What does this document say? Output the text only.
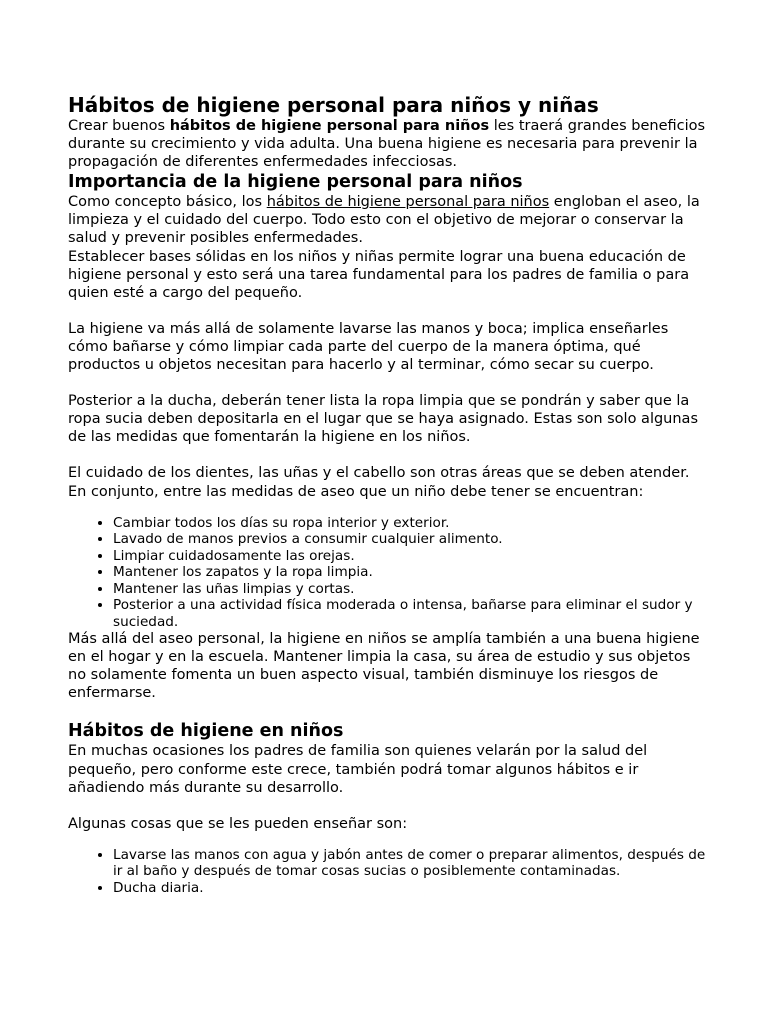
Hábitos de higiene personal para niños y niñas

Crear buenos hábitos de higiene personal para niños les traerá grandes beneficios durante su crecimiento y vida adulta. Una buena higiene es necesaria para prevenir la propagación de diferentes enfermedades infecciosas.

Importancia de la higiene personal para niños

Como concepto básico, los hábitos de higiene personal para niños engloban el aseo, la limpieza y el cuidado del cuerpo. Todo esto con el objetivo de mejorar o conservar la salud y prevenir posibles enfermedades.

Establecer bases sólidas en los niños y niñas permite lograr una buena educación de higiene personal y esto será una tarea fundamental para los padres de familia o para quien esté a cargo del pequeño.

La higiene va más allá de solamente lavarse las manos y boca; implica enseñarles cómo bañarse y cómo limpiar cada parte del cuerpo de la manera óptima, qué productos u objetos necesitan para hacerlo y al terminar, cómo secar su cuerpo.

Posterior a la ducha, deberán tener lista la ropa limpia que se pondrán y saber que la ropa sucia deben depositarla en el lugar que se haya asignado. Estas son solo algunas de las medidas que fomentarán la higiene en los niños.

El cuidado de los dientes, las uñas y el cabello son otras áreas que se deben atender. En conjunto, entre las medidas de aseo que un niño debe tener se encuentran:

• Cambiar todos los días su ropa interior y exterior.
• Lavado de manos previos a consumir cualquier alimento.
• Limpiar cuidadosamente las orejas.
• Mantener los zapatos y la ropa limpia.
• Mantener las uñas limpias y cortas.
• Posterior a una actividad física moderada o intensa, bañarse para eliminar el sudor y suciedad.

Más allá del aseo personal, la higiene en niños se amplía también a una buena higiene en el hogar y en la escuela. Mantener limpia la casa, su área de estudio y sus objetos no solamente fomenta un buen aspecto visual, también disminuye los riesgos de enfermarse.

Hábitos de higiene en niños

En muchas ocasiones los padres de familia son quienes velarán por la salud del pequeño, pero conforme este crece, también podrá tomar algunos hábitos e ir añadiendo más durante su desarrollo.

Algunas cosas que se les pueden enseñar son:

• Lavarse las manos con agua y jabón antes de comer o preparar alimentos, después de ir al baño y después de tomar cosas sucias o posiblemente contaminadas.
• Ducha diaria.
